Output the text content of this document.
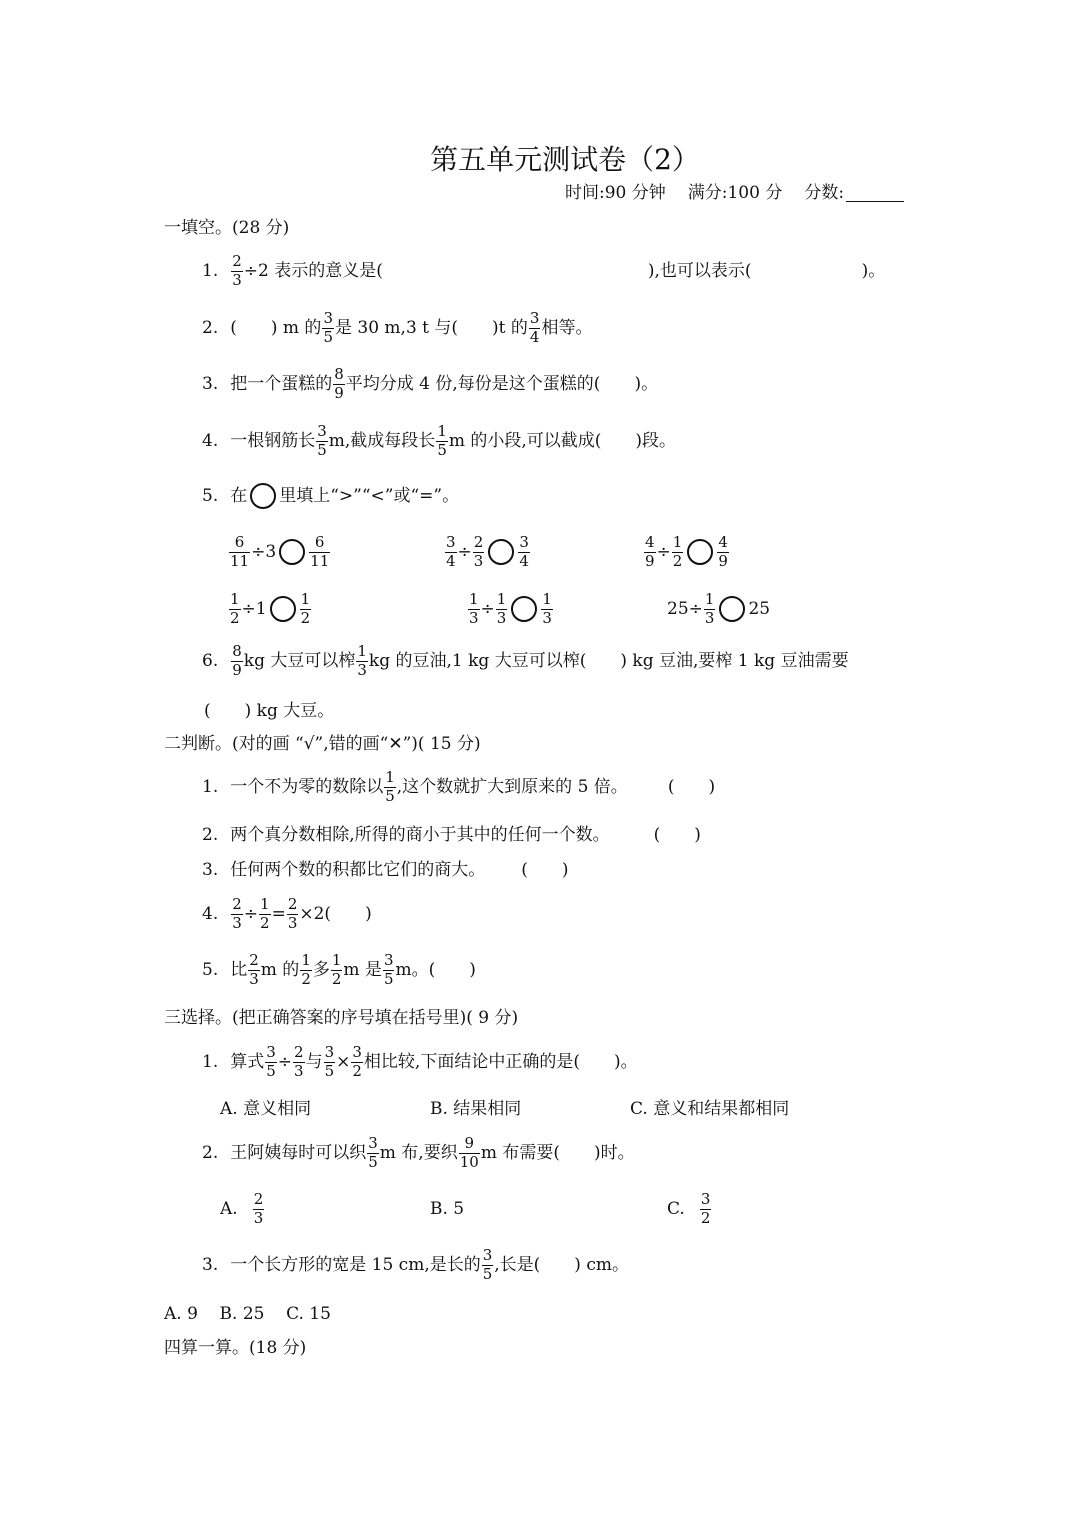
第五单元测试卷（2）
时间:90 分钟 满分:100 分 分数:
一填空。(28 分)
1. $\frac{2}{3} \div 2$ 表示的意义是(	),也可以表示(	)。
2. (　　) m 的 $\frac{3}{5}$ 是 30 m,3 t 与(　　)t 的 $\frac{3}{4}$ 相等。
3. 把一个蛋糕的 $\frac{8}{9}$ 平均分成 4 份,每份是这个蛋糕的(　　)。
4. 一根钢筋长 $\frac{3}{5} m$,截成每段长 $\frac{1}{5}$ m 的小段,可以截成(　　)段。
5. 在 里填上“>”“<”或“=”。
$\frac{6}{11} \div 3 \frac{6}{11}$	$\frac{3}{4} \div \frac{2}{3} \frac{3}{4}$	$\frac{4}{9} \div \frac{1}{2} \frac{4}{9}$
$\frac{1}{2} \div 1 \frac{1}{2}$	$\frac{1}{3} \div \frac{1}{3} \frac{1}{3}$	$25\div \frac{1}{3} 25$
6. $\frac{8}{9}$ kg 大豆可以榨 $\frac{1}{3}$ kg 的豆油,1 kg 大豆可以榨(　　) kg 豆油,要榨 1 kg 豆油需要
(　　) kg 大豆。
二判断。(对的画 “√”,错的画“✕”)( 15 分)
1. 一个不为零的数除以 $\frac{1}{5}$ ,这个数就扩大到原来的 5 倍。 (　　)
2. 两个真分数相除,所得的商小于其中的任何一个数。	(　　)
3. 任何两个数的积都比它们的商大。 (　　)
4. $\frac{2}{3} \div \frac{1}{2} = \frac{2}{3} \times 2$(　　)
5. 比 $\frac{2}{3}$ m 的 $\frac{1}{2}$ 多 $\frac{1}{2}$ m 是 $\frac{3}{5}$ m。(　　)
三选择。(把正确答案的序号填在括号里)( 9 分)
1. 算式 $\frac{3}{5} \div \frac{2}{3}$ 与 $\frac{3}{5} \times \frac{3}{2}$ 相比较,下面结论中正确的是(　　)。
A. 意义相同	B. 结果相同	C. 意义和结果都相同
2. 王阿姨每时可以织 $\frac{3}{5}$ m 布,要织 $\frac{9}{10}$ m 布需要(　　)时。
A. $\frac{2}{3}$	B. 5	C. $\frac{3}{2}$
3. 一个长方形的宽是 15 cm,是长的 $\frac{3}{5}$ ,长是(　　) cm。
A. 9    B. 25    C. 15
四算一算。(18 分)
